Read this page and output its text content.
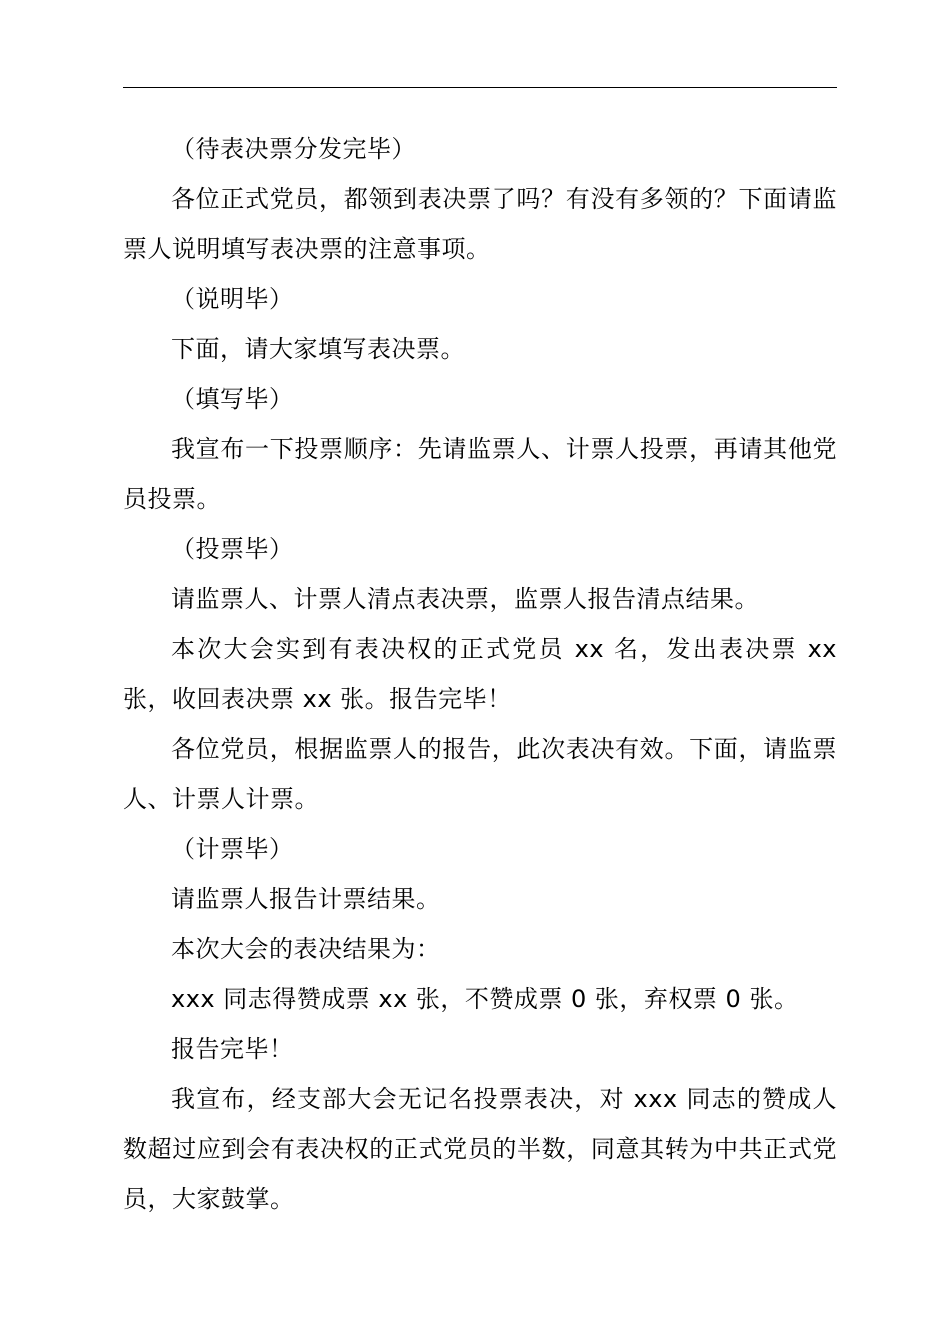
（待表决票分发完毕）

各位正式党员，都领到表决票了吗？有没有多领的？下面请监票人说明填写表决票的注意事项。

（说明毕）

下面，请大家填写表决票。

（填写毕）

我宣布一下投票顺序：先请监票人、计票人投票，再请其他党员投票。

（投票毕）

请监票人、计票人清点表决票，监票人报告清点结果。

本次大会实到有表决权的正式党员 xx 名，发出表决票 xx 张，收回表决票 xx 张。报告完毕！

各位党员，根据监票人的报告，此次表决有效。下面，请监票人、计票人计票。

（计票毕）

请监票人报告计票结果。

本次大会的表决结果为：

xxx 同志得赞成票 xx 张，不赞成票 0 张，弃权票 0 张。

报告完毕！

我宣布，经支部大会无记名投票表决，对 xxx 同志的赞成人数超过应到会有表决权的正式党员的半数，同意其转为中共正式党员，大家鼓掌。
